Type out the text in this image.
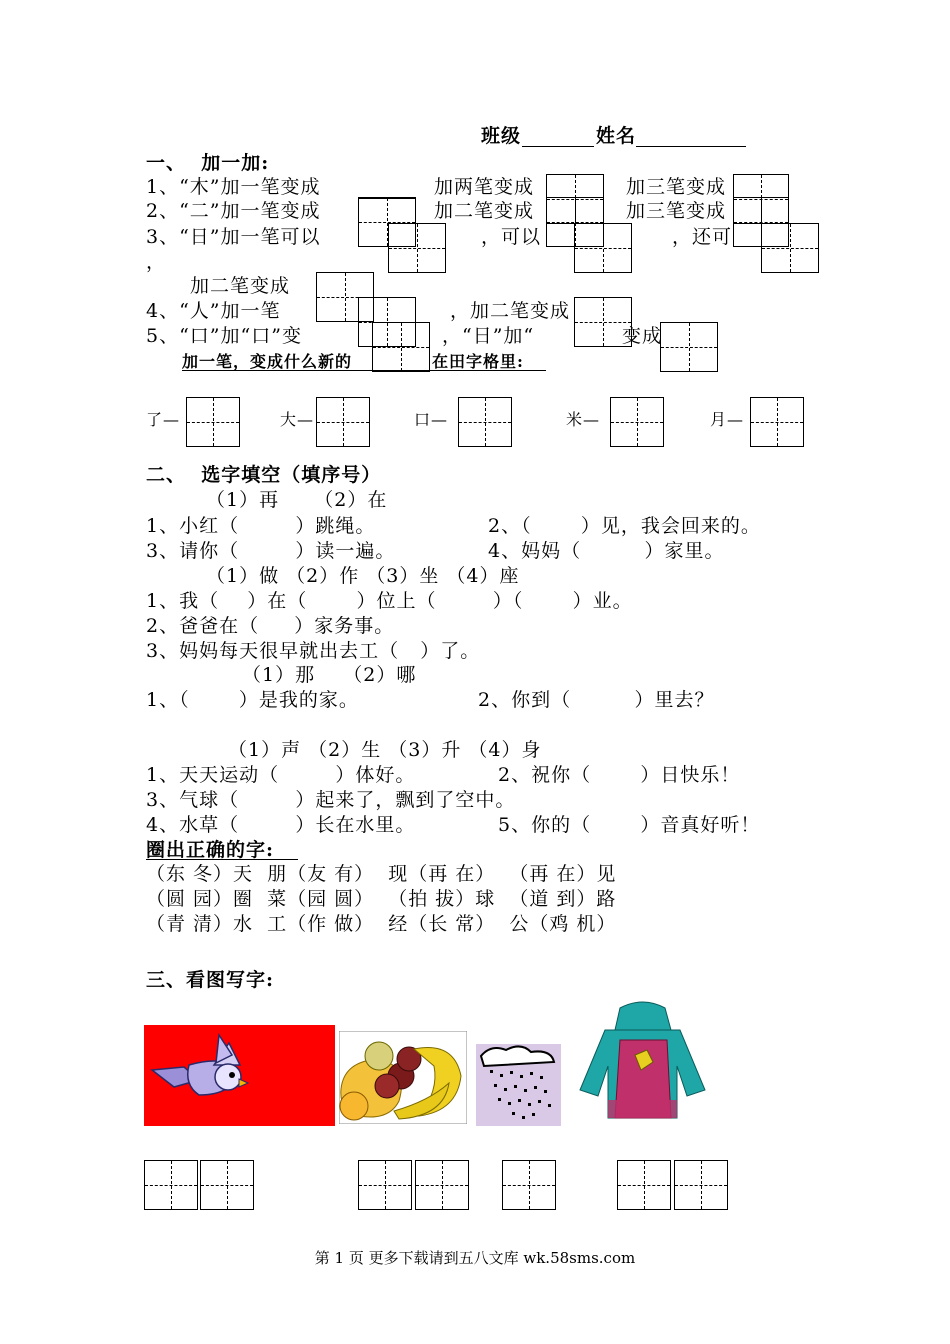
班级	姓名
一、  加一加:
1、“木”加一笔变成	加两笔变成	加三笔变成
2、“二”加一笔变成	加二笔变成	加三笔变成
3、“日”加一笔可以	，可以	，还可
，
加二笔变成
4、“人”加一笔	，加二笔变成
5、“口”加“口”变	，“日”加“	变成
加一笔，变成什么新的	在田字格里:
了—	大—	口—	米—	月—
二、  选字填空（填序号）
（1）再     （2）在
1、小红（        ）跳绳。	2、（       ）见，我会回来的。
3、请你（        ）读一遍。	4、妈妈（         ）家里。
（1）做 （2）作 （3）坐 （4）座
1、我（    ）在（       ）位上（        ）（       ）业。
2、爸爸在（     ）家务事。
3、妈妈每天很早就出去工（   ）了。
（1）那    （2）哪
1、（       ）是我的家。	2、你到（         ）里去？
（1）声 （2）生 （3）升 （4）身
1、天天运动（        ）体好。	2、祝你（       ）日快乐！
3、气球（        ）起来了，飘到了空中。
4、水草（        ）长在水里。	5、你的（       ）音真好听！
圈出正确的字:
（东 冬）天  朋（友 有）  现（再 在）  （再 在）见
（圆 园）圈  菜（园 圆）  （拍 拔）球  （道 到）路
（青 清）水  工（作 做）  经（长 常）  公（鸡 机）
三、看图写字:
第 1 页 更多下载请到五八文库 wk.58sms.com
